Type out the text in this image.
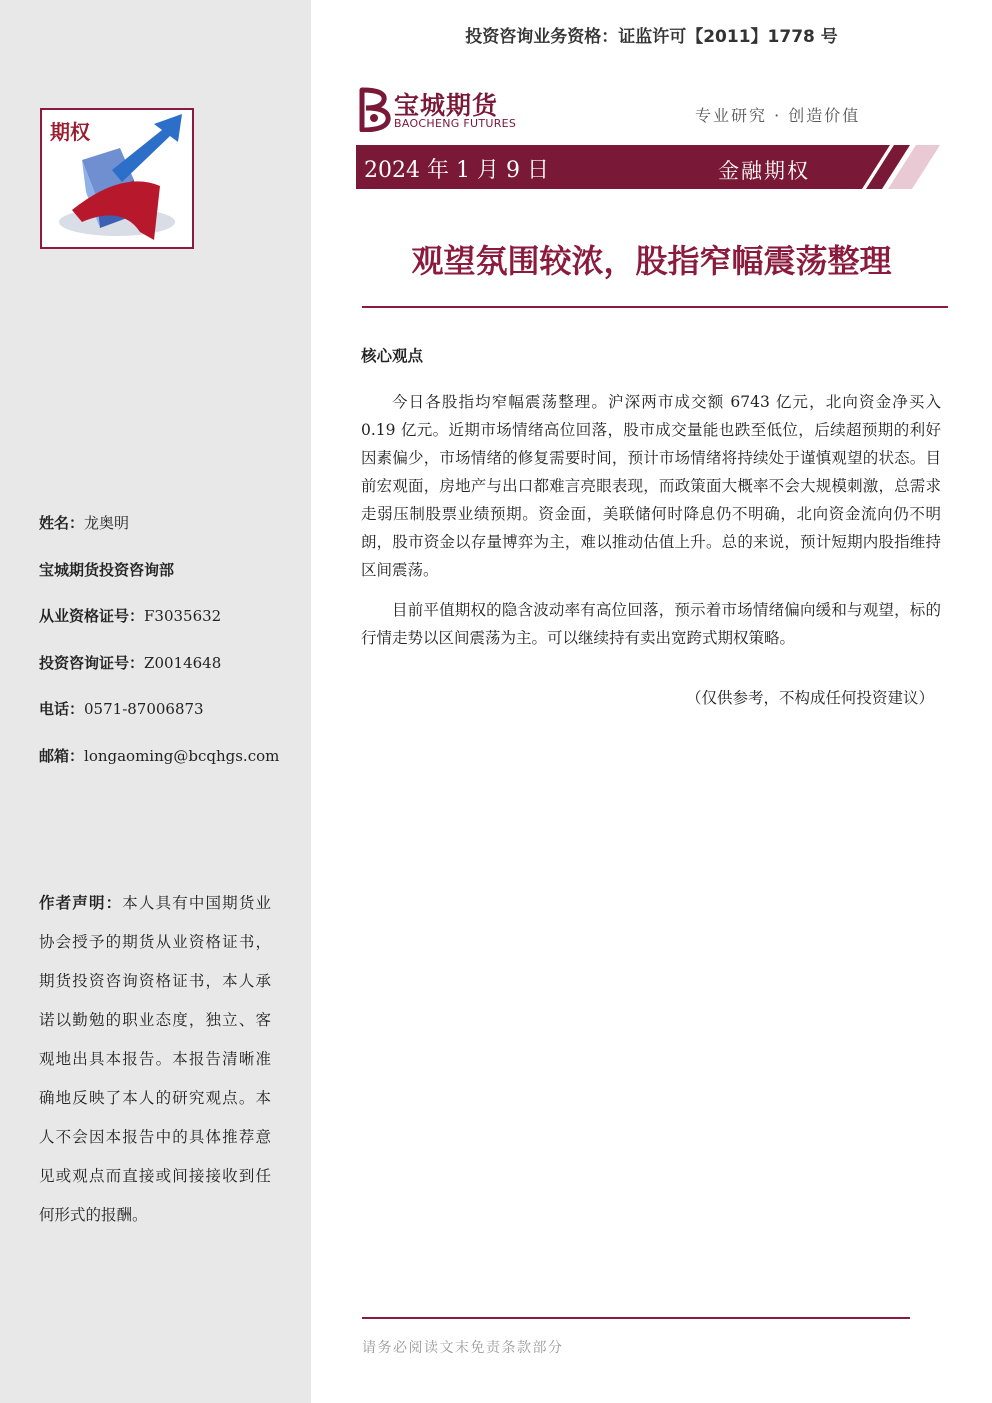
期权
姓名：龙奥明
宝城期货投资咨询部
从业资格证号：F3035632
投资咨询证号：Z0014648
电话：0571-87006873
邮箱：longaoming@bcqhgs.com
作者声明：本人具有中国期货业协会授予的期货从业资格证书，期货投资咨询资格证书，本人承诺以勤勉的职业态度，独立、客观地出具本报告。本报告清晰准确地反映了本人的研究观点。本人不会因本报告中的具体推荐意见或观点而直接或间接接收到任何形式的报酬。
投资咨询业务资格：证监许可【2011】1778 号
宝城期货
BAOCHENG FUTURES	专业研究 · 创造价值
2024 年 1 月 9 日	金融期权
观望氛围较浓，股指窄幅震荡整理
核心观点

今日各股指均窄幅震荡整理。沪深两市成交额 6743 亿元，北向资金净买入 0.19 亿元。近期市场情绪高位回落，股市成交量能也跌至低位，后续超预期的利好因素偏少，市场情绪的修复需要时间，预计市场情绪将持续处于谨慎观望的状态。目前宏观面，房地产与出口都难言亮眼表现，而政策面大概率不会大规模刺激，总需求走弱压制股票业绩预期。资金面，美联储何时降息仍不明确，北向资金流向仍不明朗，股市资金以存量博弈为主，难以推动估值上升。总的来说，预计短期内股指维持区间震荡。

目前平值期权的隐含波动率有高位回落，预示着市场情绪偏向缓和与观望，标的行情走势以区间震荡为主。可以继续持有卖出宽跨式期权策略。

（仅供参考，不构成任何投资建议）
请务必阅读文末免责条款部分
